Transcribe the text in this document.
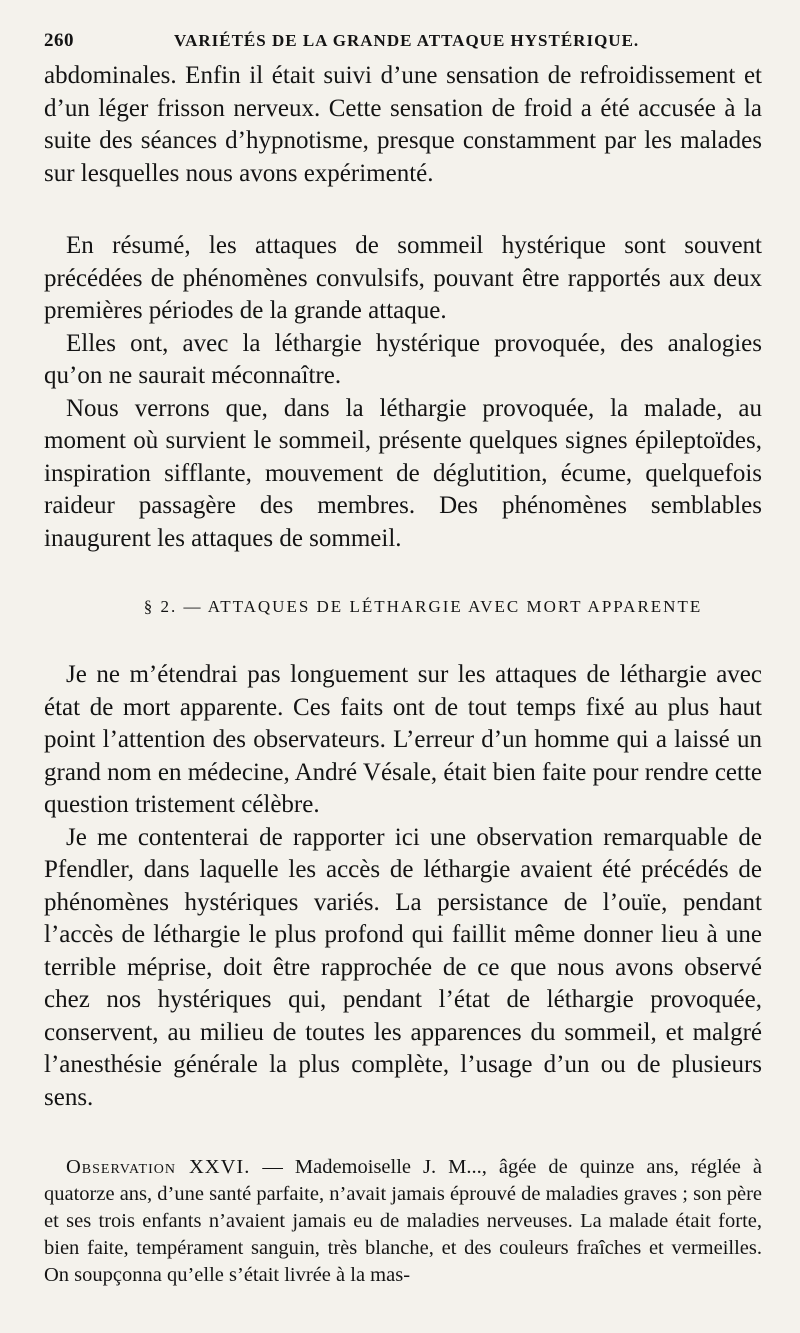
260	VARIÉTÉS DE LA GRANDE ATTAQUE HYSTÉRIQUE.

abdominales. Enfin il était suivi d’une sensation de refroidissement et d’un léger frisson nerveux. Cette sensation de froid a été accusée à la suite des séances d’hypnotisme, presque constamment par les malades sur lesquelles nous avons expérimenté.

En résumé, les attaques de sommeil hystérique sont souvent précédées de phénomènes convulsifs, pouvant être rapportés aux deux premières périodes de la grande attaque.

Elles ont, avec la léthargie hystérique provoquée, des analogies qu’on ne saurait méconnaître.

Nous verrons que, dans la léthargie provoquée, la malade, au moment où survient le sommeil, présente quelques signes épileptoïdes, inspiration sifflante, mouvement de déglutition, écume, quelquefois raideur passagère des membres. Des phénomènes semblables inaugurent les attaques de sommeil.

§ 2. — ATTAQUES DE LÉTHARGIE AVEC MORT APPARENTE

Je ne m’étendrai pas longuement sur les attaques de léthargie avec état de mort apparente. Ces faits ont de tout temps fixé au plus haut point l’attention des observateurs. L’erreur d’un homme qui a laissé un grand nom en médecine, André Vésale, était bien faite pour rendre cette question tristement célèbre.

Je me contenterai de rapporter ici une observation remarquable de Pfendler, dans laquelle les accès de léthargie avaient été précédés de phénomènes hystériques variés. La persistance de l’ouïe, pendant l’accès de léthargie le plus profond qui faillit même donner lieu à une terrible méprise, doit être rapprochée de ce que nous avons observé chez nos hystériques qui, pendant l’état de léthargie provoquée, conservent, au milieu de toutes les apparences du sommeil, et malgré l’anesthésie générale la plus complète, l’usage d’un ou de plusieurs sens.

Observation XXVI. — Mademoiselle J. M..., âgée de quinze ans, réglée à quatorze ans, d’une santé parfaite, n’avait jamais éprouvé de maladies graves ; son père et ses trois enfants n’avaient jamais eu de maladies nerveuses. La malade était forte, bien faite, tempérament sanguin, très blanche, et des couleurs fraîches et vermeilles. On soupçonna qu’elle s’était livrée à la mas-
